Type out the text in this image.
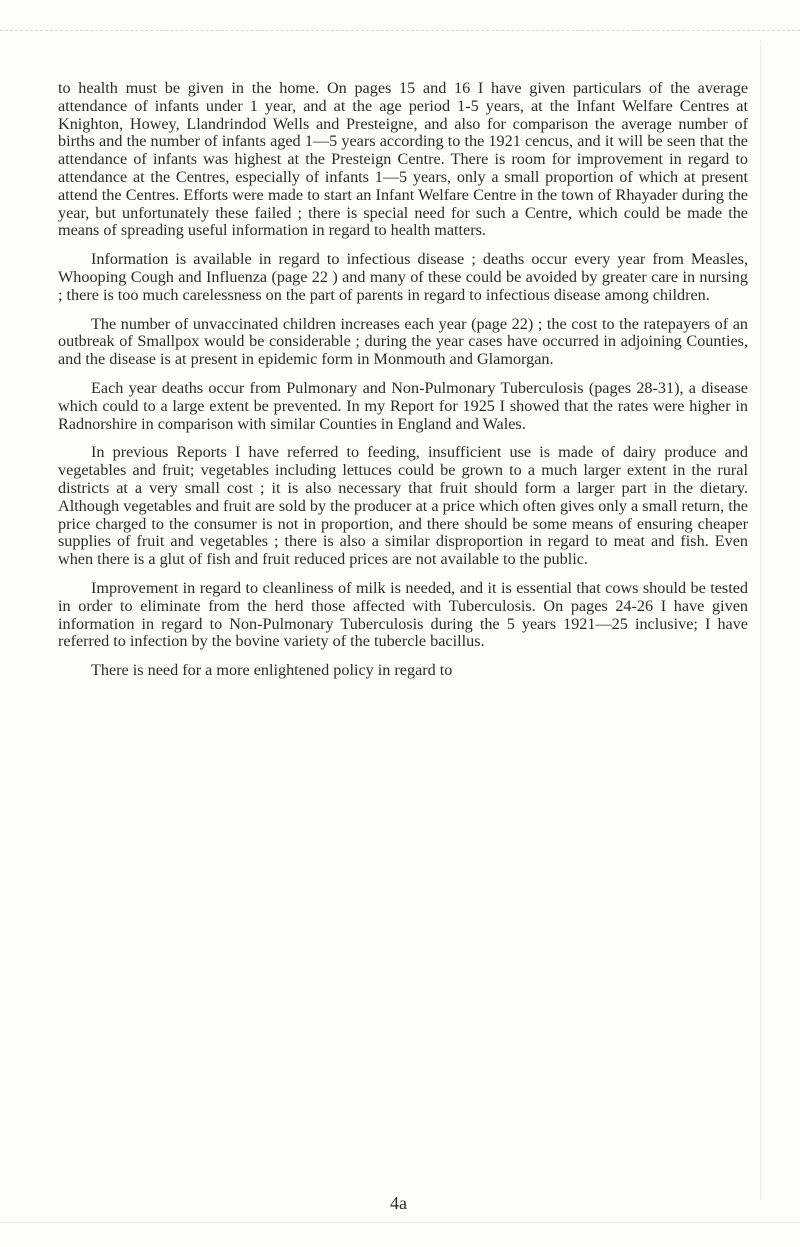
to health must be given in the home. On pages 15 and 16 I have given particulars of the average attendance of infants under 1 year, and at the age period 1-5 years, at the Infant Welfare Centres at Knighton, Howey, Llandrindod Wells and Presteigne, and also for comparison the average number of births and the number of infants aged 1—5 years according to the 1921 cencus, and it will be seen that the attendance of infants was highest at the Presteign Centre. There is room for improvement in regard to attendance at the Centres, especially of infants 1—5 years, only a small proportion of which at present attend the Centres. Efforts were made to start an Infant Welfare Centre in the town of Rhayader during the year, but unfortunately these failed ; there is special need for such a Centre, which could be made the means of spreading useful information in regard to health matters.

Information is available in regard to infectious disease ; deaths occur every year from Measles, Whooping Cough and Influenza (page 22 ) and many of these could be avoided by greater care in nursing ; there is too much carelessness on the part of parents in regard to infectious disease among children.

The number of unvaccinated children increases each year (page 22) ; the cost to the ratepayers of an outbreak of Smallpox would be considerable ; during the year cases have occurred in adjoining Counties, and the disease is at present in epidemic form in Monmouth and Glamorgan.

Each year deaths occur from Pulmonary and Non-Pulmonary Tuberculosis (pages 28-31), a disease which could to a large extent be prevented. In my Report for 1925 I showed that the rates were higher in Radnorshire in comparison with similar Counties in England and Wales.

In previous Reports I have referred to feeding, insufficient use is made of dairy produce and vegetables and fruit; vegetables including lettuces could be grown to a much larger extent in the rural districts at a very small cost ; it is also necessary that fruit should form a larger part in the dietary. Although vegetables and fruit are sold by the producer at a price which often gives only a small return, the price charged to the consumer is not in proportion, and there should be some means of ensuring cheaper supplies of fruit and vegetables ; there is also a similar disproportion in regard to meat and fish. Even when there is a glut of fish and fruit reduced prices are not available to the public.

Improvement in regard to cleanliness of milk is needed, and it is essential that cows should be tested in order to eliminate from the herd those affected with Tuberculosis. On pages 24-26 I have given information in regard to Non-Pulmonary Tuberculosis during the 5 years 1921—25 inclusive; I have referred to infection by the bovine variety of the tubercle bacillus.

There is need for a more enlightened policy in regard to

4a
